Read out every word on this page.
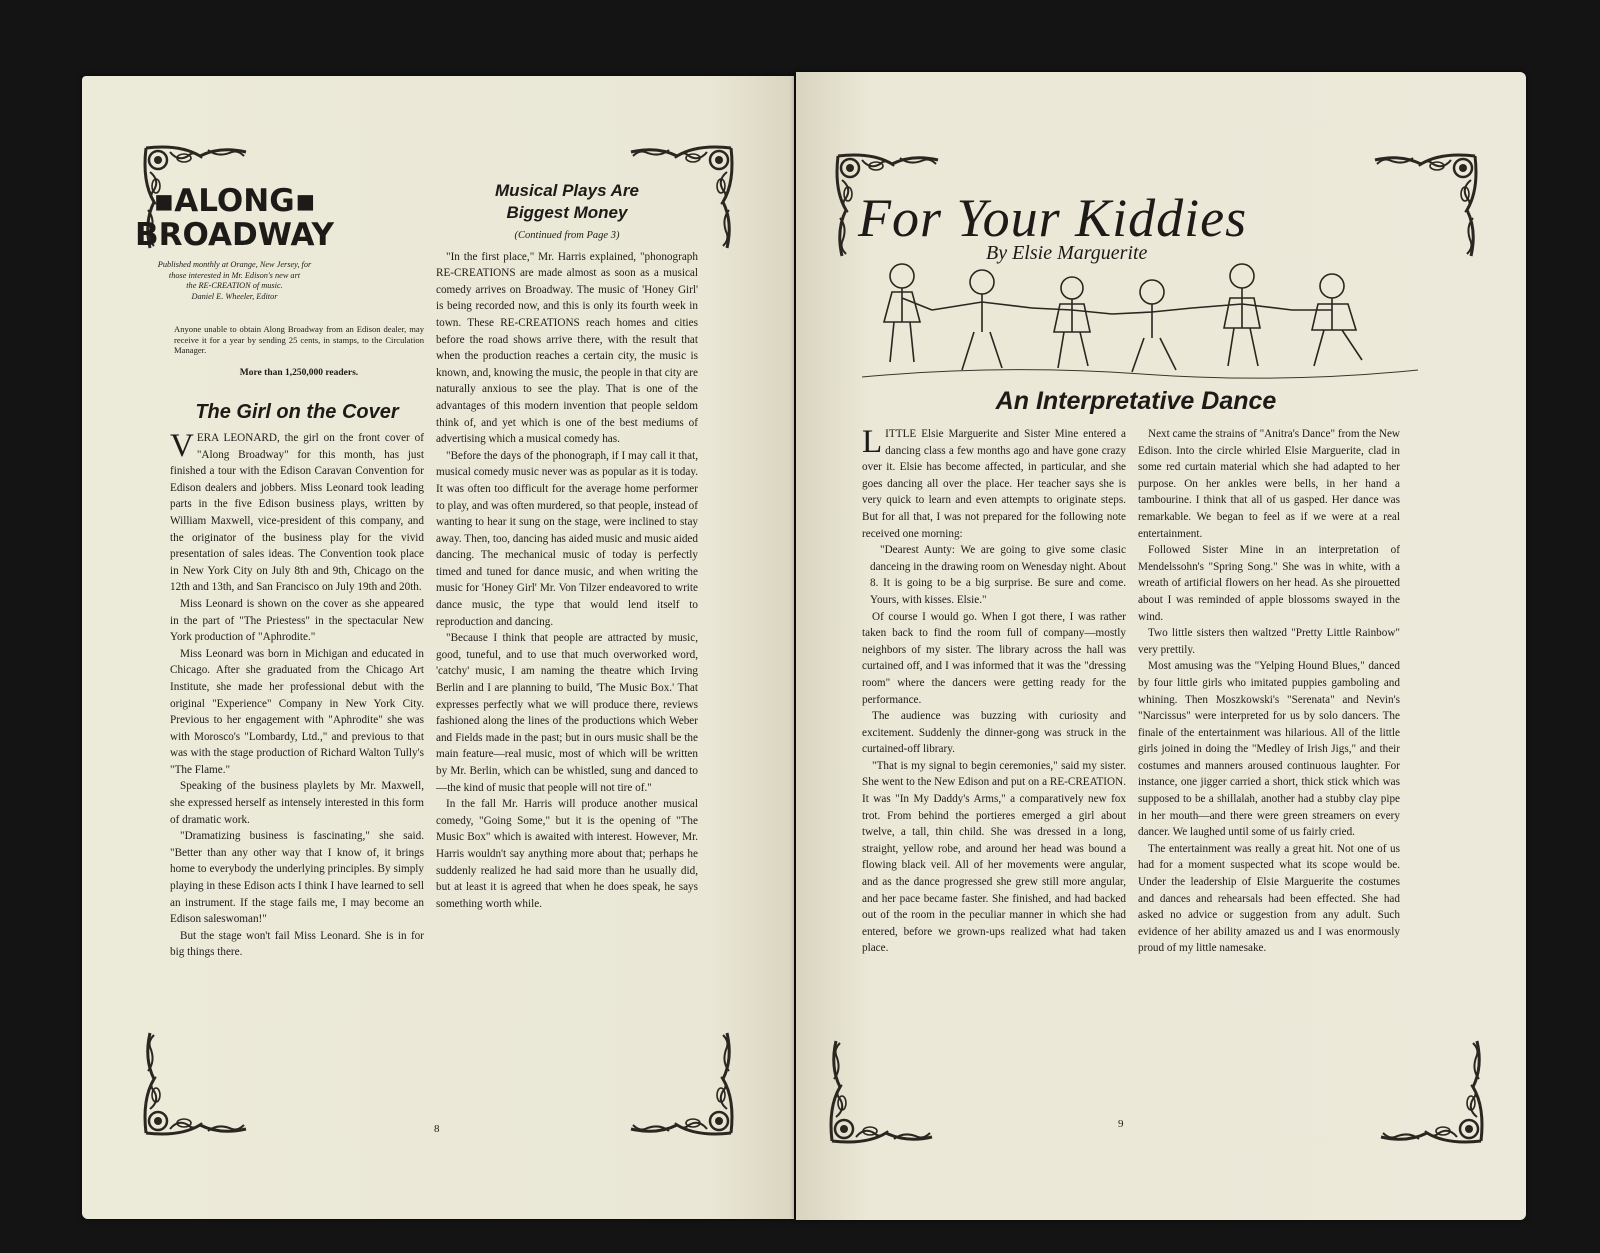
▪ALONG▪
BROADWAY
Published monthly at Orange, New Jersey, for
those interested in Mr. Edison's new art
the RE-CREATION of music.
Daniel E. Wheeler, Editor
Anyone unable to obtain Along Broadway from an Edison dealer, may receive it for a year by sending 25 cents, in stamps, to the Circulation Manager.
More than 1,250,000 readers.

The Girl on the Cover

VERA LEONARD, the girl on the front cover of "Along Broadway" for this month, has just finished a tour with the Edison Caravan Convention for Edison dealers and jobbers. Miss Leonard took leading parts in the five Edison business plays, written by William Maxwell, vice-president of this company, and the originator of the business play for the vivid presentation of sales ideas. The Convention took place in New York City on July 8th and 9th, Chicago on the 12th and 13th, and San Francisco on July 19th and 20th.

Miss Leonard is shown on the cover as she appeared in the part of "The Priestess" in the spectacular New York production of "Aphrodite."

Miss Leonard was born in Michigan and educated in Chicago. After she graduated from the Chicago Art Institute, she made her professional debut with the original "Experience" Company in New York City. Previous to her engagement with "Aphrodite" she was with Morosco's "Lombardy, Ltd.," and previous to that was with the stage production of Richard Walton Tully's "The Flame."

Speaking of the business playlets by Mr. Maxwell, she expressed herself as intensely interested in this form of dramatic work.

"Dramatizing business is fascinating," she said. "Better than any other way that I know of, it brings home to everybody the underlying principles. By simply playing in these Edison acts I think I have learned to sell an instrument. If the stage fails me, I may become an Edison saleswoman!"

But the stage won't fail Miss Leonard. She is in for big things there.

Musical Plays Are

Biggest Money

(Continued from Page 3)

"In the first place," Mr. Harris explained, "phonograph RE-CREATIONS are made almost as soon as a musical comedy arrives on Broadway. The music of 'Honey Girl' is being recorded now, and this is only its fourth week in town. These RE-CREATIONS reach homes and cities before the road shows arrive there, with the result that when the production reaches a certain city, the music is known, and, knowing the music, the people in that city are naturally anxious to see the play. That is one of the advantages of this modern invention that people seldom think of, and yet which is one of the best mediums of advertising which a musical comedy has.

"Before the days of the phonograph, if I may call it that, musical comedy music never was as popular as it is today. It was often too difficult for the average home performer to play, and was often murdered, so that people, instead of wanting to hear it sung on the stage, were inclined to stay away. Then, too, dancing has aided music and music aided dancing. The mechanical music of today is perfectly timed and tuned for dance music, and when writing the music for 'Honey Girl' Mr. Von Tilzer endeavored to write dance music, the type that would lend itself to reproduction and dancing.

"Because I think that people are attracted by music, good, tuneful, and to use that much overworked word, 'catchy' music, I am naming the theatre which Irving Berlin and I are planning to build, 'The Music Box.' That expresses perfectly what we will produce there, reviews fashioned along the lines of the productions which Weber and Fields made in the past; but in ours music shall be the main feature—real music, most of which will be written by Mr. Berlin, which can be whistled, sung and danced to—the kind of music that people will not tire of."

In the fall Mr. Harris will produce another musical comedy, "Going Some," but it is the opening of "The Music Box" which is awaited with interest. However, Mr. Harris wouldn't say anything more about that; perhaps he suddenly realized he had said more than he usually did, but at least it is agreed that when he does speak, he says something worth while.

8
For Your Kiddies
By Elsie Marguerite
An Interpretative Dance

LITTLE Elsie Marguerite and Sister Mine entered a dancing class a few months ago and have gone crazy over it. Elsie has become affected, in particular, and she goes dancing all over the place. Her teacher says she is very quick to learn and even attempts to originate steps. But for all that, I was not prepared for the following note received one morning:

"Dearest Aunty: We are going to give some clasic danceing in the drawing room on Wenesday night. About 8. It is going to be a big surprise. Be sure and come. Yours, with kisses. Elsie."

Of course I would go. When I got there, I was rather taken back to find the room full of company—mostly neighbors of my sister. The library across the hall was curtained off, and I was informed that it was the "dressing room" where the dancers were getting ready for the performance.

The audience was buzzing with curiosity and excitement. Suddenly the dinner-gong was struck in the curtained-off library.

"That is my signal to begin ceremonies," said my sister. She went to the New Edison and put on a RE-CREATION. It was "In My Daddy's Arms," a comparatively new fox trot. From behind the portieres emerged a girl about twelve, a tall, thin child. She was dressed in a long, straight, yellow robe, and around her head was bound a flowing black veil. All of her movements were angular, and as the dance progressed she grew still more angular, and her pace became faster. She finished, and had backed out of the room in the peculiar manner in which she had entered, before we grown-ups realized what had taken place.

Next came the strains of "Anitra's Dance" from the New Edison. Into the circle whirled Elsie Marguerite, clad in some red curtain material which she had adapted to her purpose. On her ankles were bells, in her hand a tambourine. I think that all of us gasped. Her dance was remarkable. We began to feel as if we were at a real entertainment.

Followed Sister Mine in an interpretation of Mendelssohn's "Spring Song." She was in white, with a wreath of artificial flowers on her head. As she pirouetted about I was reminded of apple blossoms swayed in the wind.

Two little sisters then waltzed "Pretty Little Rainbow" very prettily.

Most amusing was the "Yelping Hound Blues," danced by four little girls who imitated puppies gamboling and whining. Then Moszkowski's "Serenata" and Nevin's "Narcissus" were interpreted for us by solo dancers. The finale of the entertainment was hilarious. All of the little girls joined in doing the "Medley of Irish Jigs," and their costumes and manners aroused continuous laughter. For instance, one jigger carried a short, thick stick which was supposed to be a shillalah, another had a stubby clay pipe in her mouth—and there were green streamers on every dancer. We laughed until some of us fairly cried.

The entertainment was really a great hit. Not one of us had for a moment suspected what its scope would be. Under the leadership of Elsie Marguerite the costumes and dances and rehearsals had been effected. She had asked no advice or suggestion from any adult. Such evidence of her ability amazed us and I was enormously proud of my little namesake.

9
